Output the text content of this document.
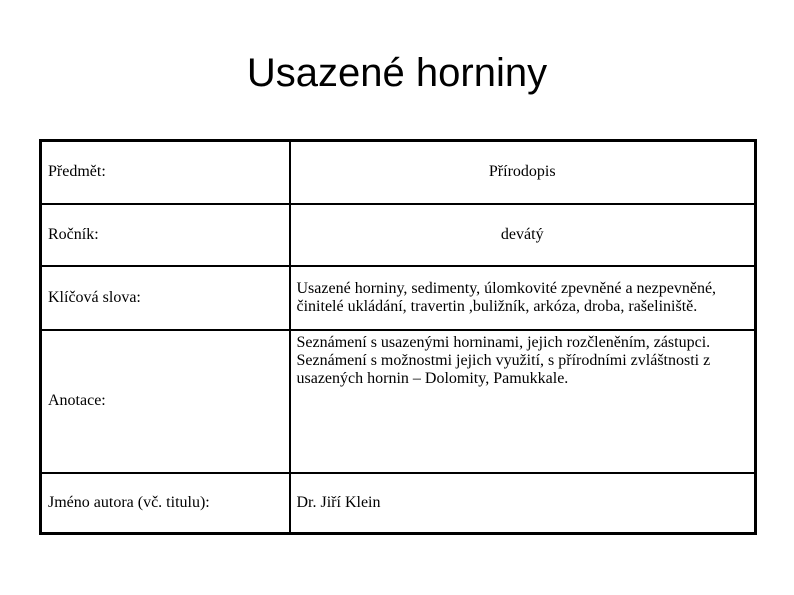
Usazené horniny
Předmět:	Přírodopis
Ročník:	devátý
Klíčová slova:	Usazené horniny, sedimenty, úlomkovité zpevněné a nezpevněné, činitelé ukládání, travertin ,buližník, arkóza, droba, rašeliniště.
Anotace:	Seznámení s usazenými horninami, jejich rozčleněním, zástupci. Seznámení s možnostmi jejich využití, s přírodními zvláštnosti z usazených hornin – Dolomity, Pamukkale.
Jméno autora (vč. titulu):	Dr. Jiří Klein
